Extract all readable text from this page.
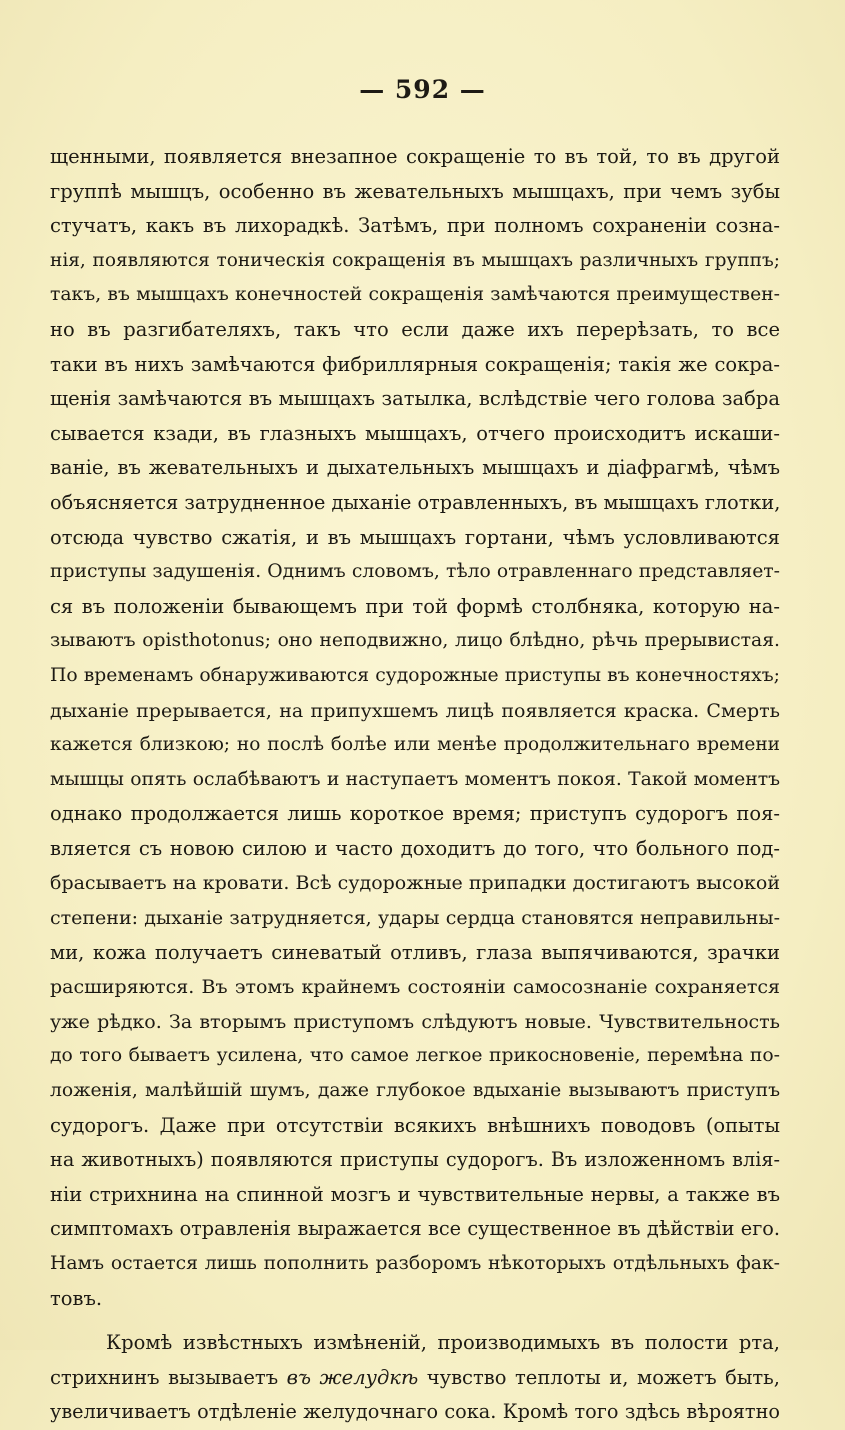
— 592 —
щенными, появляется внезапное сокращеніе то въ той, то въ другой
группѣ мышцъ, особенно въ жевательныхъ мышцахъ, при чемъ зубы
стучатъ, какъ въ лихорадкѣ. Затѣмъ, при полномъ сохраненіи созна-
нія, появляются тоническія сокращенія въ мышцахъ различныхъ группъ;
такъ, въ мышцахъ конечностей сокращенія замѣчаются преимуществен-
но въ разгибателяхъ, такъ что если даже ихъ перерѣзать, то все
таки въ нихъ замѣчаются фибриллярныя сокращенія; такія же сокра-
щенія замѣчаются въ мышцахъ затылка, вслѣдствіе чего голова забра
сывается кзади, въ глазныхъ мышцахъ, отчего происходитъ искаши-
ваніе, въ жевательныхъ и дыхательныхъ мышцахъ и діафрагмѣ, чѣмъ
объясняется затрудненное дыханіе отравленныхъ, въ мышцахъ глотки,
отсюда чувство сжатія, и въ мышцахъ гортани, чѣмъ условливаются
приступы задушенія. Однимъ словомъ, тѣло отравленнаго представляет-
ся въ положеніи бывающемъ при той формѣ столбняка, которую на-
зываютъ opisthotonus; оно неподвижно, лицо блѣдно, рѣчь прерывистая.
По временамъ обнаруживаются судорожные приступы въ конечностяхъ;
дыханіе прерывается, на припухшемъ лицѣ появляется краска. Смерть
кажется близкою; но послѣ болѣе или менѣе продолжительнаго времени
мышцы опять ослабѣваютъ и наступаетъ моментъ покоя. Такой моментъ
однако продолжается лишь короткое время; приступъ судорогъ поя-
вляется съ новою силою и часто доходитъ до того, что больного под-
брасываетъ на кровати. Всѣ судорожные припадки достигаютъ высокой
степени: дыханіе затрудняется, удары сердца становятся неправильны-
ми, кожа получаетъ синеватый отливъ, глаза выпячиваются, зрачки
расширяются. Въ этомъ крайнемъ состояніи самосознаніе сохраняется
уже рѣдко. За вторымъ приступомъ слѣдуютъ новые. Чувствительность
до того бываетъ усилена, что самое легкое прикосновеніе, перемѣна по-
ложенія, малѣйшій шумъ, даже глубокое вдыханіе вызываютъ приступъ
судорогъ. Даже при отсутствіи всякихъ внѣшнихъ поводовъ (опыты
на животныхъ) появляются приступы судорогъ. Въ изложенномъ влія-
ніи стрихнина на спинной мозгъ и чувствительные нервы, а также въ
симптомахъ отравленія выражается все существенное въ дѣйствіи его.
Намъ остается лишь пополнить разборомъ нѣкоторыхъ отдѣльныхъ фак-
товъ.
Кромѣ извѣстныхъ измѣненій, производимыхъ въ полости рта,
стрихнинъ вызываетъ въ желудкѣ чувство теплоты и, можетъ быть,
увеличиваетъ отдѣленіе желудочнаго сока. Кромѣ того здѣсь вѣроятно
